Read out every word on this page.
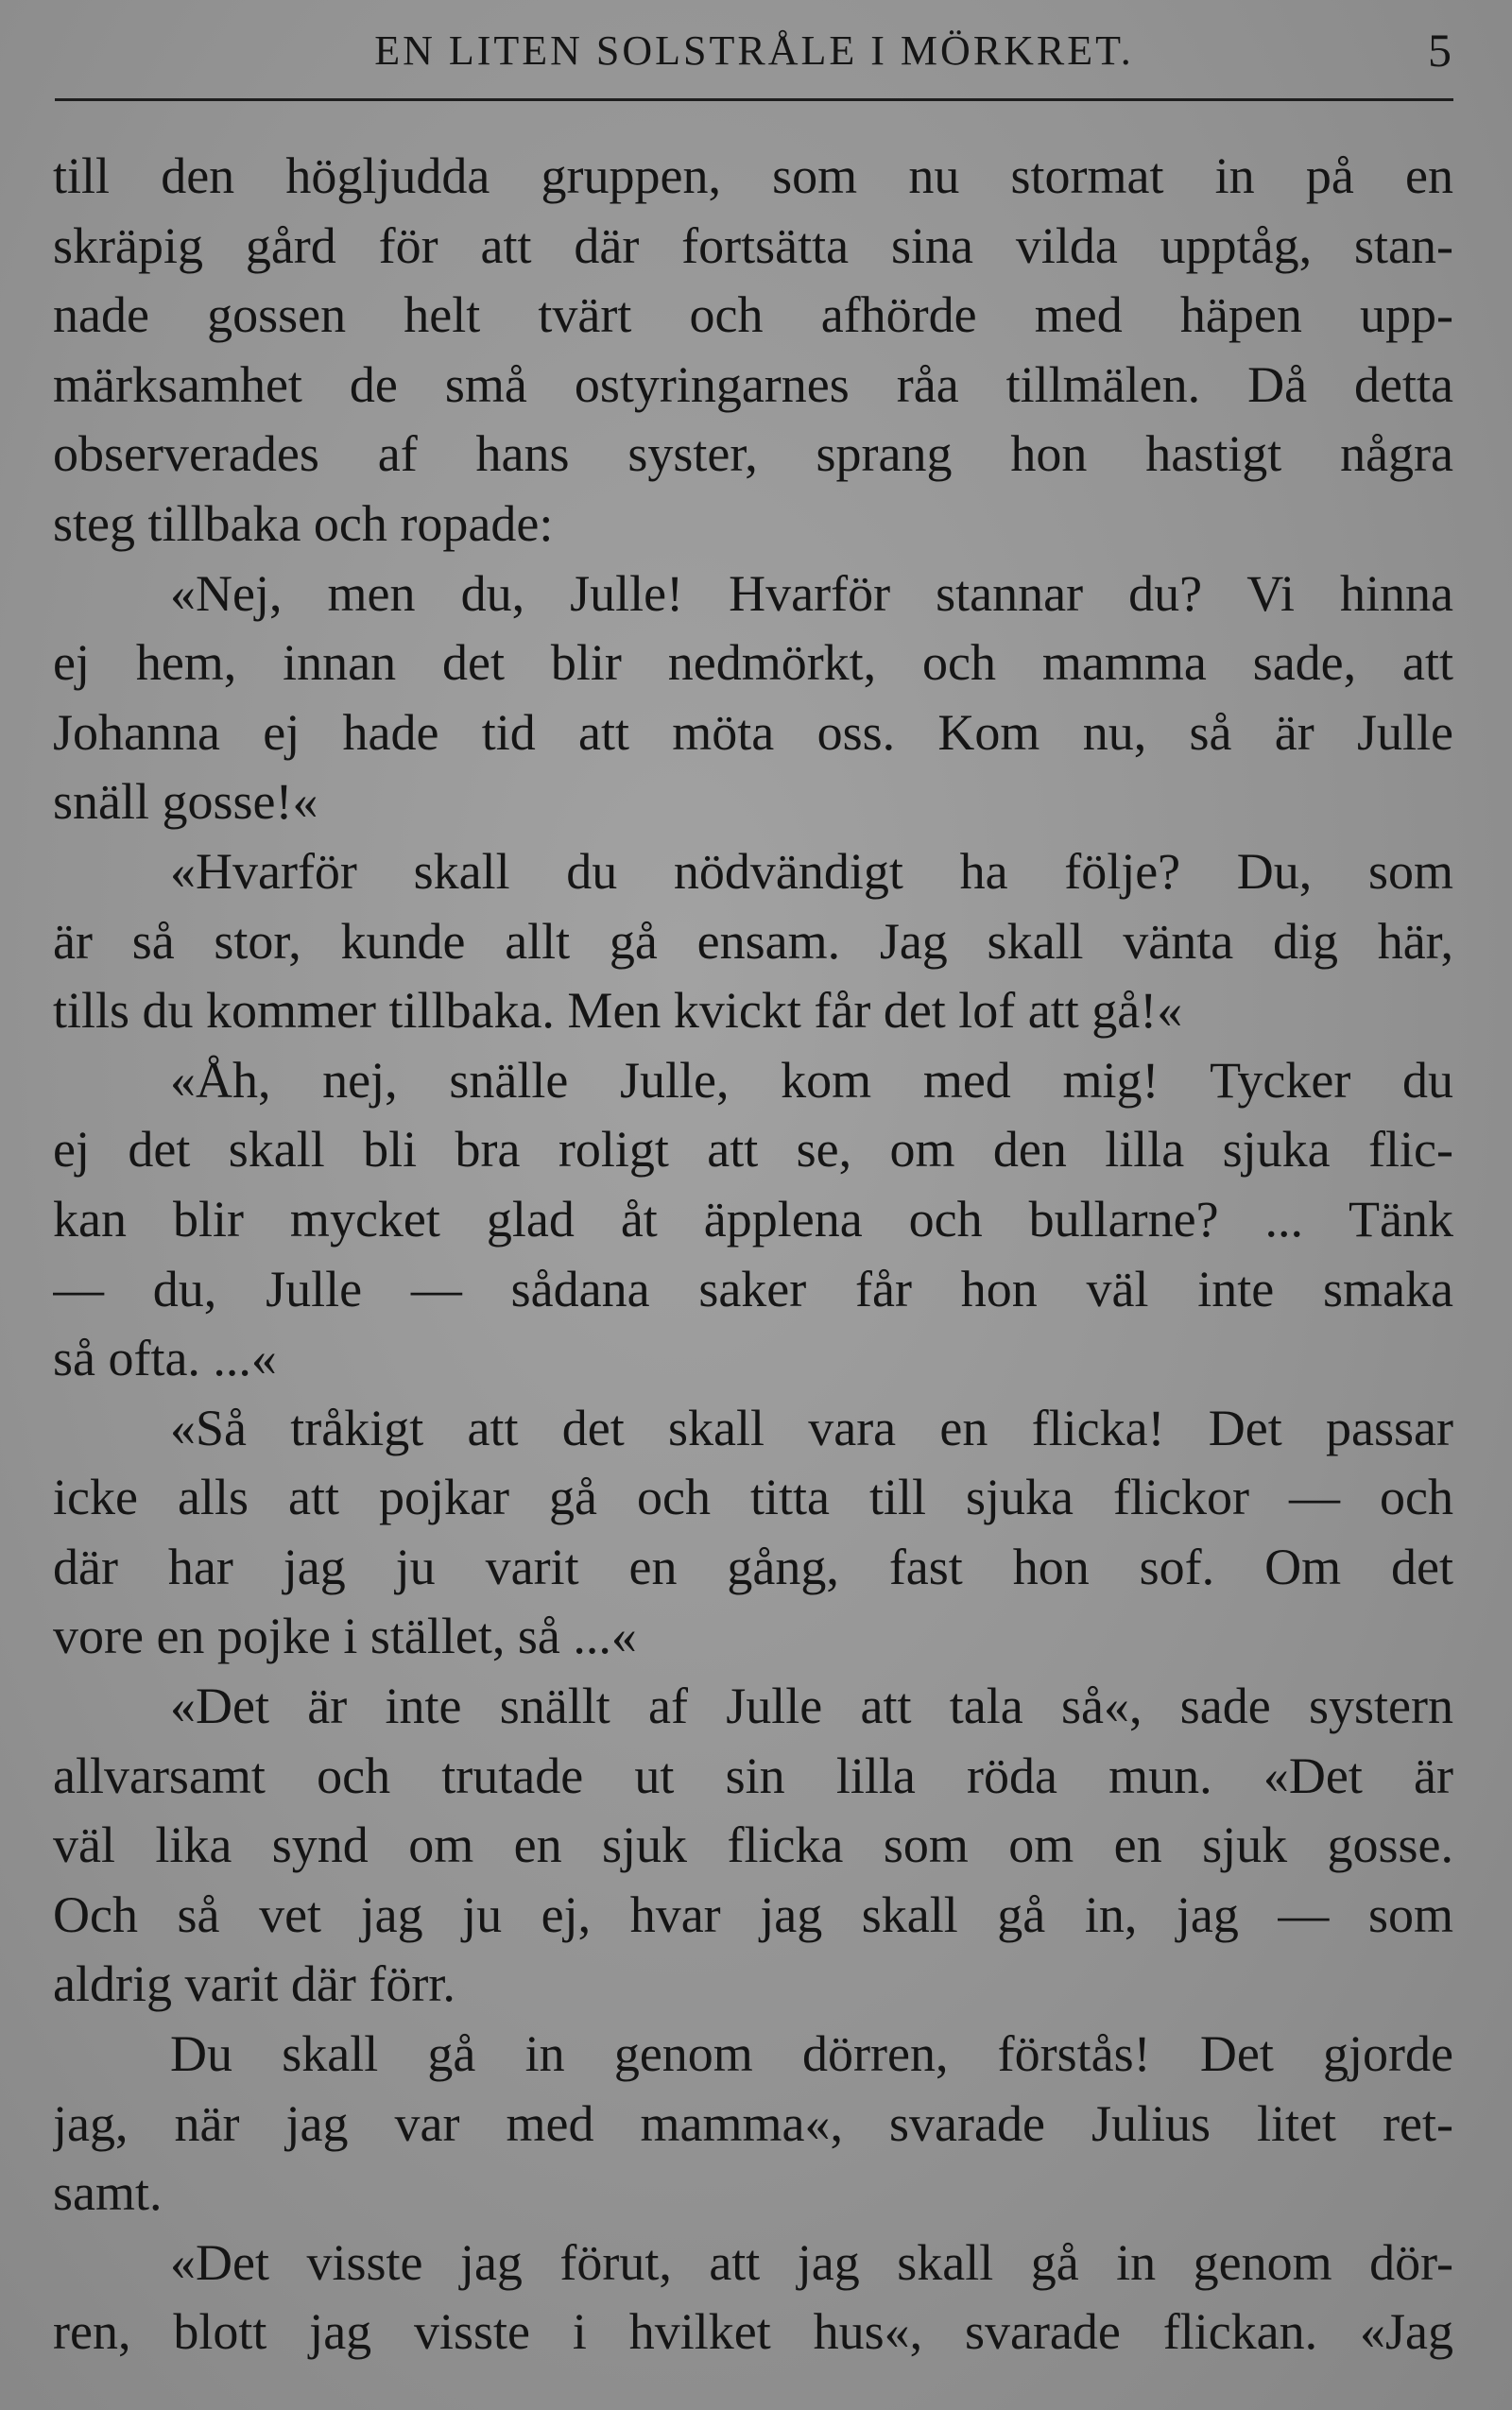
EN LITEN SOLSTRÅLE I MÖRKRET.	5
till den högljudda gruppen, som nu stormat in på en
skräpig gård för att där fortsätta sina vilda upptåg, stan-
nade gossen helt tvärt och afhörde med häpen upp-
märksamhet de små ostyringarnes råa tillmälen. Då detta
observerades af hans syster, sprang hon hastigt några
steg tillbaka och ropade:
«Nej, men du, Julle! Hvarför stannar du? Vi hinna
ej hem, innan det blir nedmörkt, och mamma sade, att
Johanna ej hade tid att möta oss. Kom nu, så är Julle
snäll gosse!«
«Hvarför skall du nödvändigt ha följe? Du, som
är så stor, kunde allt gå ensam. Jag skall vänta dig här,
tills du kommer tillbaka. Men kvickt får det lof att gå!«
«Åh, nej, snälle Julle, kom med mig! Tycker du
ej det skall bli bra roligt att se, om den lilla sjuka flic-
kan blir mycket glad åt äpplena och bullarne? ... Tänk
— du, Julle — sådana saker får hon väl inte smaka
så ofta. ...«
«Så tråkigt att det skall vara en flicka! Det passar
icke alls att pojkar gå och titta till sjuka flickor — och
där har jag ju varit en gång, fast hon sof. Om det
vore en pojke i stället, så ...«
«Det är inte snällt af Julle att tala så«, sade systern
allvarsamt och trutade ut sin lilla röda mun. «Det är
väl lika synd om en sjuk flicka som om en sjuk gosse.
Och så vet jag ju ej, hvar jag skall gå in, jag — som
aldrig varit där förr.
Du skall gå in genom dörren, förstås! Det gjorde
jag, när jag var med mamma«, svarade Julius litet ret-
samt.
«Det visste jag förut, att jag skall gå in genom dör-
ren, blott jag visste i hvilket hus«, svarade flickan. «Jag
